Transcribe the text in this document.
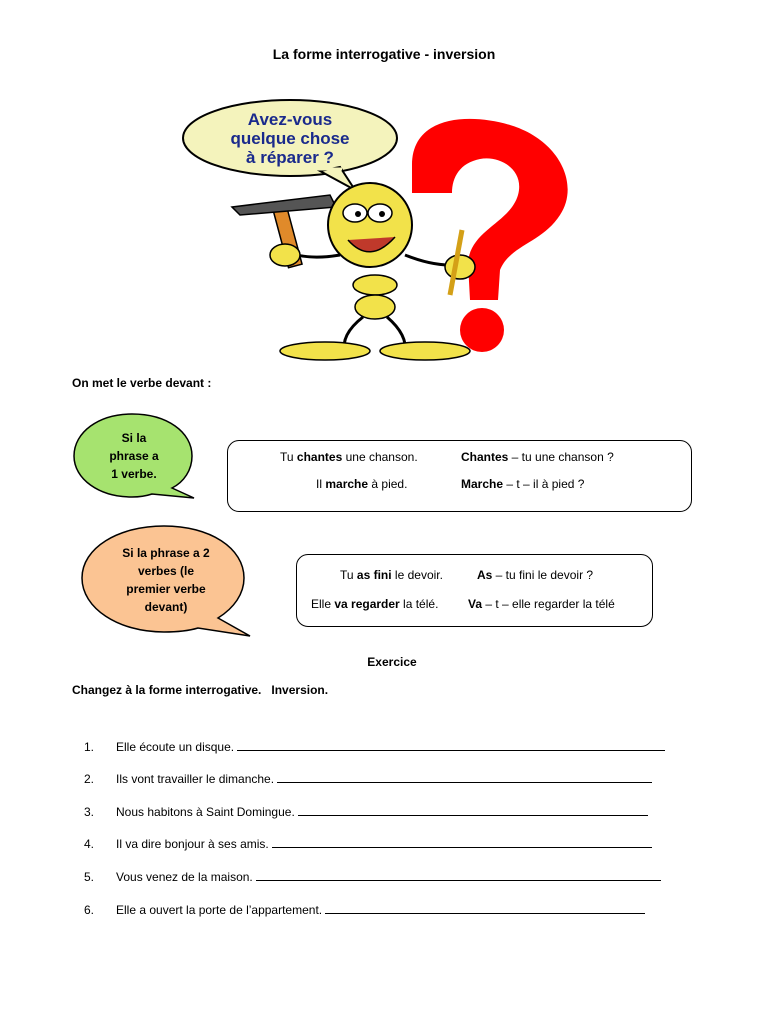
La forme interrogative - inversion
Avez-vous
quelque chose
à réparer ?
On met le verbe devant :
Si la
phrase a
1 verbe.
Tu chantes une chanson.	Chantes – tu une chanson ?
Il marche à pied.	Marche – t – il à pied ?
Si la phrase a 2
verbes (le
premier verbe
devant)
Tu as fini le devoir.	As – tu fini le devoir ?
Elle va regarder la télé. Va – t – elle regarder la télé
Exercice
Changez à la forme interrogative.   Inversion.
1. Elle écoute un disque.
2. Ils vont travailler le dimanche.
3. Nous habitons à Saint Domingue.
4. Il va dire bonjour à ses amis.
5. Vous venez de la maison.
6. Elle a ouvert la porte de l’appartement.
